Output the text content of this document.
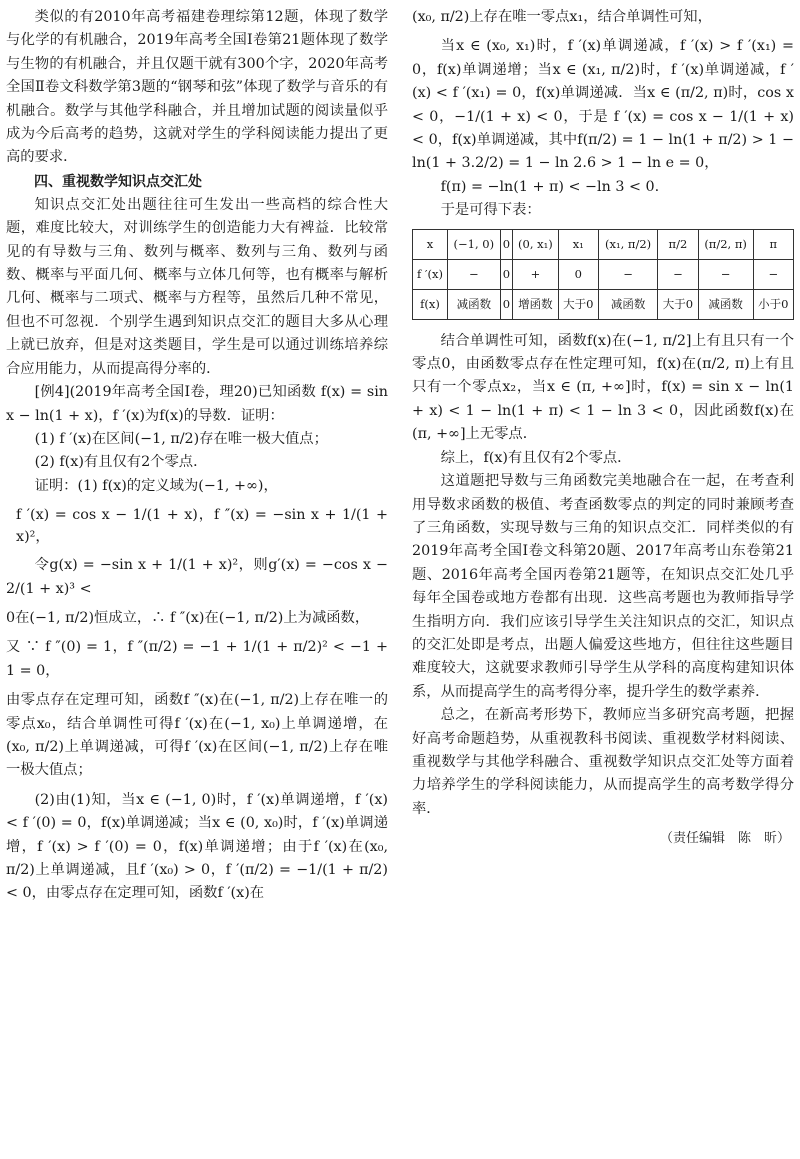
类似的有2010年高考福建卷理综第12题，体现了数学与化学的有机融合，2019年高考全国Ⅰ卷第21题体现了数学与生物的有机融合，并且仅题干就有300个字，2020年高考全国Ⅱ卷文科数学第3题的“钢琴和弦”体现了数学与音乐的有机融合。数学与其他学科融合，并且增加试题的阅读量似乎成为今后高考的趋势，这就对学生的学科阅读能力提出了更高的要求．

四、重视数学知识点交汇处

知识点交汇处出题往往可生发出一些高档的综合性大题，难度比较大，对训练学生的创造能力大有裨益．比较常见的有导数与三角、数列与概率、数列与三角、数列与函数、概率与平面几何、概率与立体几何等，也有概率与解析几何、概率与二项式、概率与方程等，虽然后几种不常见，但也不可忽视．个别学生遇到知识点交汇的题目大多从心理上就已放弃，但是对这类题目，学生是可以通过训练培养综合应用能力，从而提高得分率的．

[例4](2019年高考全国Ⅰ卷，理20)已知函数 f(x) = sin x − ln(1 + x)，f ′(x)为f(x)的导数．证明：

(1) f ′(x)在区间(−1, π/2)存在唯一极大值点；

(2) f(x)有且仅有2个零点．

证明：(1) f(x)的定义域为(−1, +∞)，

f ′(x) = cos x − 1/(1 + x)，f ″(x) = −sin x + 1/(1 + x)²，

令g(x) = −sin x + 1/(1 + x)²，则g′(x) = −cos x − 2/(1 + x)³ <

0在(−1, π/2)恒成立，∴ f ″(x)在(−1, π/2)上为减函数，

又 ∵ f ″(0) = 1，f ″(π/2) = −1 + 1/(1 + π/2)² < −1 + 1 = 0，

由零点存在定理可知，函数f ″(x)在(−1, π/2)上存在唯一的零点x₀，结合单调性可得f ′(x)在(−1, x₀)上单调递增，在(x₀, π/2)上单调递减，可得f ′(x)在区间(−1, π/2)上存在唯一极大值点；

(2)由(1)知，当x ∈ (−1, 0)时，f ′(x)单调递增，f ′(x) < f ′(0) = 0，f(x)单调递减；当x ∈ (0, x₀)时，f ′(x)单调递增，f ′(x) > f ′(0) = 0，f(x)单调递增；由于f ′(x)在(x₀, π/2)上单调递减，且f ′(x₀) > 0，f ′(π/2) = −1/(1 + π/2) < 0，由零点存在定理可知，函数f ′(x)在

(x₀, π/2)上存在唯一零点x₁，结合单调性可知，

当x ∈ (x₀, x₁)时，f ′(x)单调递减，f ′(x) > f ′(x₁) = 0，f(x)单调递增；当x ∈ (x₁, π/2)时，f ′(x)单调递减，f ′(x) < f ′(x₁) = 0，f(x)单调递减．当x ∈ (π/2, π)时，cos x < 0，−1/(1 + x) < 0，于是 f ′(x) = cos x − 1/(1 + x) < 0，f(x)单调递减，其中f(π/2) = 1 − ln(1 + π/2) > 1 − ln(1 + 3.2/2) = 1 − ln 2.6 > 1 − ln e = 0，

f(π) = −ln(1 + π) < −ln 3 < 0.

于是可得下表：

x	(−1, 0)	0	(0, x₁)	x₁	(x₁, π/2)	π/2	(π/2, π)	π
f ′(x)	−	0	+	0	−	−	−	−
f(x)	减函数	0	增函数	大于0	减函数	大于0	减函数	小于0

结合单调性可知，函数f(x)在(−1, π/2]上有且只有一个零点0，由函数零点存在性定理可知，f(x)在(π/2, π)上有且只有一个零点x₂，当x ∈ (π, +∞]时，f(x) = sin x − ln(1 + x) < 1 − ln(1 + π) < 1 − ln 3 < 0，因此函数f(x)在(π, +∞]上无零点．

综上，f(x)有且仅有2个零点．

这道题把导数与三角函数完美地融合在一起，在考查利用导数求函数的极值、考查函数零点的判定的同时兼顾考查了三角函数，实现导数与三角的知识点交汇．同样类似的有2019年高考全国Ⅰ卷文科第20题、2017年高考山东卷第21题、2016年高考全国丙卷第21题等，在知识点交汇处几乎每年全国卷或地方卷都有出现．这些高考题也为教师指导学生指明方向．我们应该引导学生关注知识点的交汇，知识点的交汇处即是考点，出题人偏爱这些地方，但往往这些题目难度较大，这就要求教师引导学生从学科的高度构建知识体系，从而提高学生的高考得分率，提升学生的数学素养．

总之，在新高考形势下，教师应当多研究高考题，把握好高考命题趋势，从重视教科书阅读、重视数学材料阅读、重视数学与其他学科融合、重视数学知识点交汇处等方面着力培养学生的学科阅读能力，从而提高学生的高考数学得分率．

（责任编辑　陈　昕）
